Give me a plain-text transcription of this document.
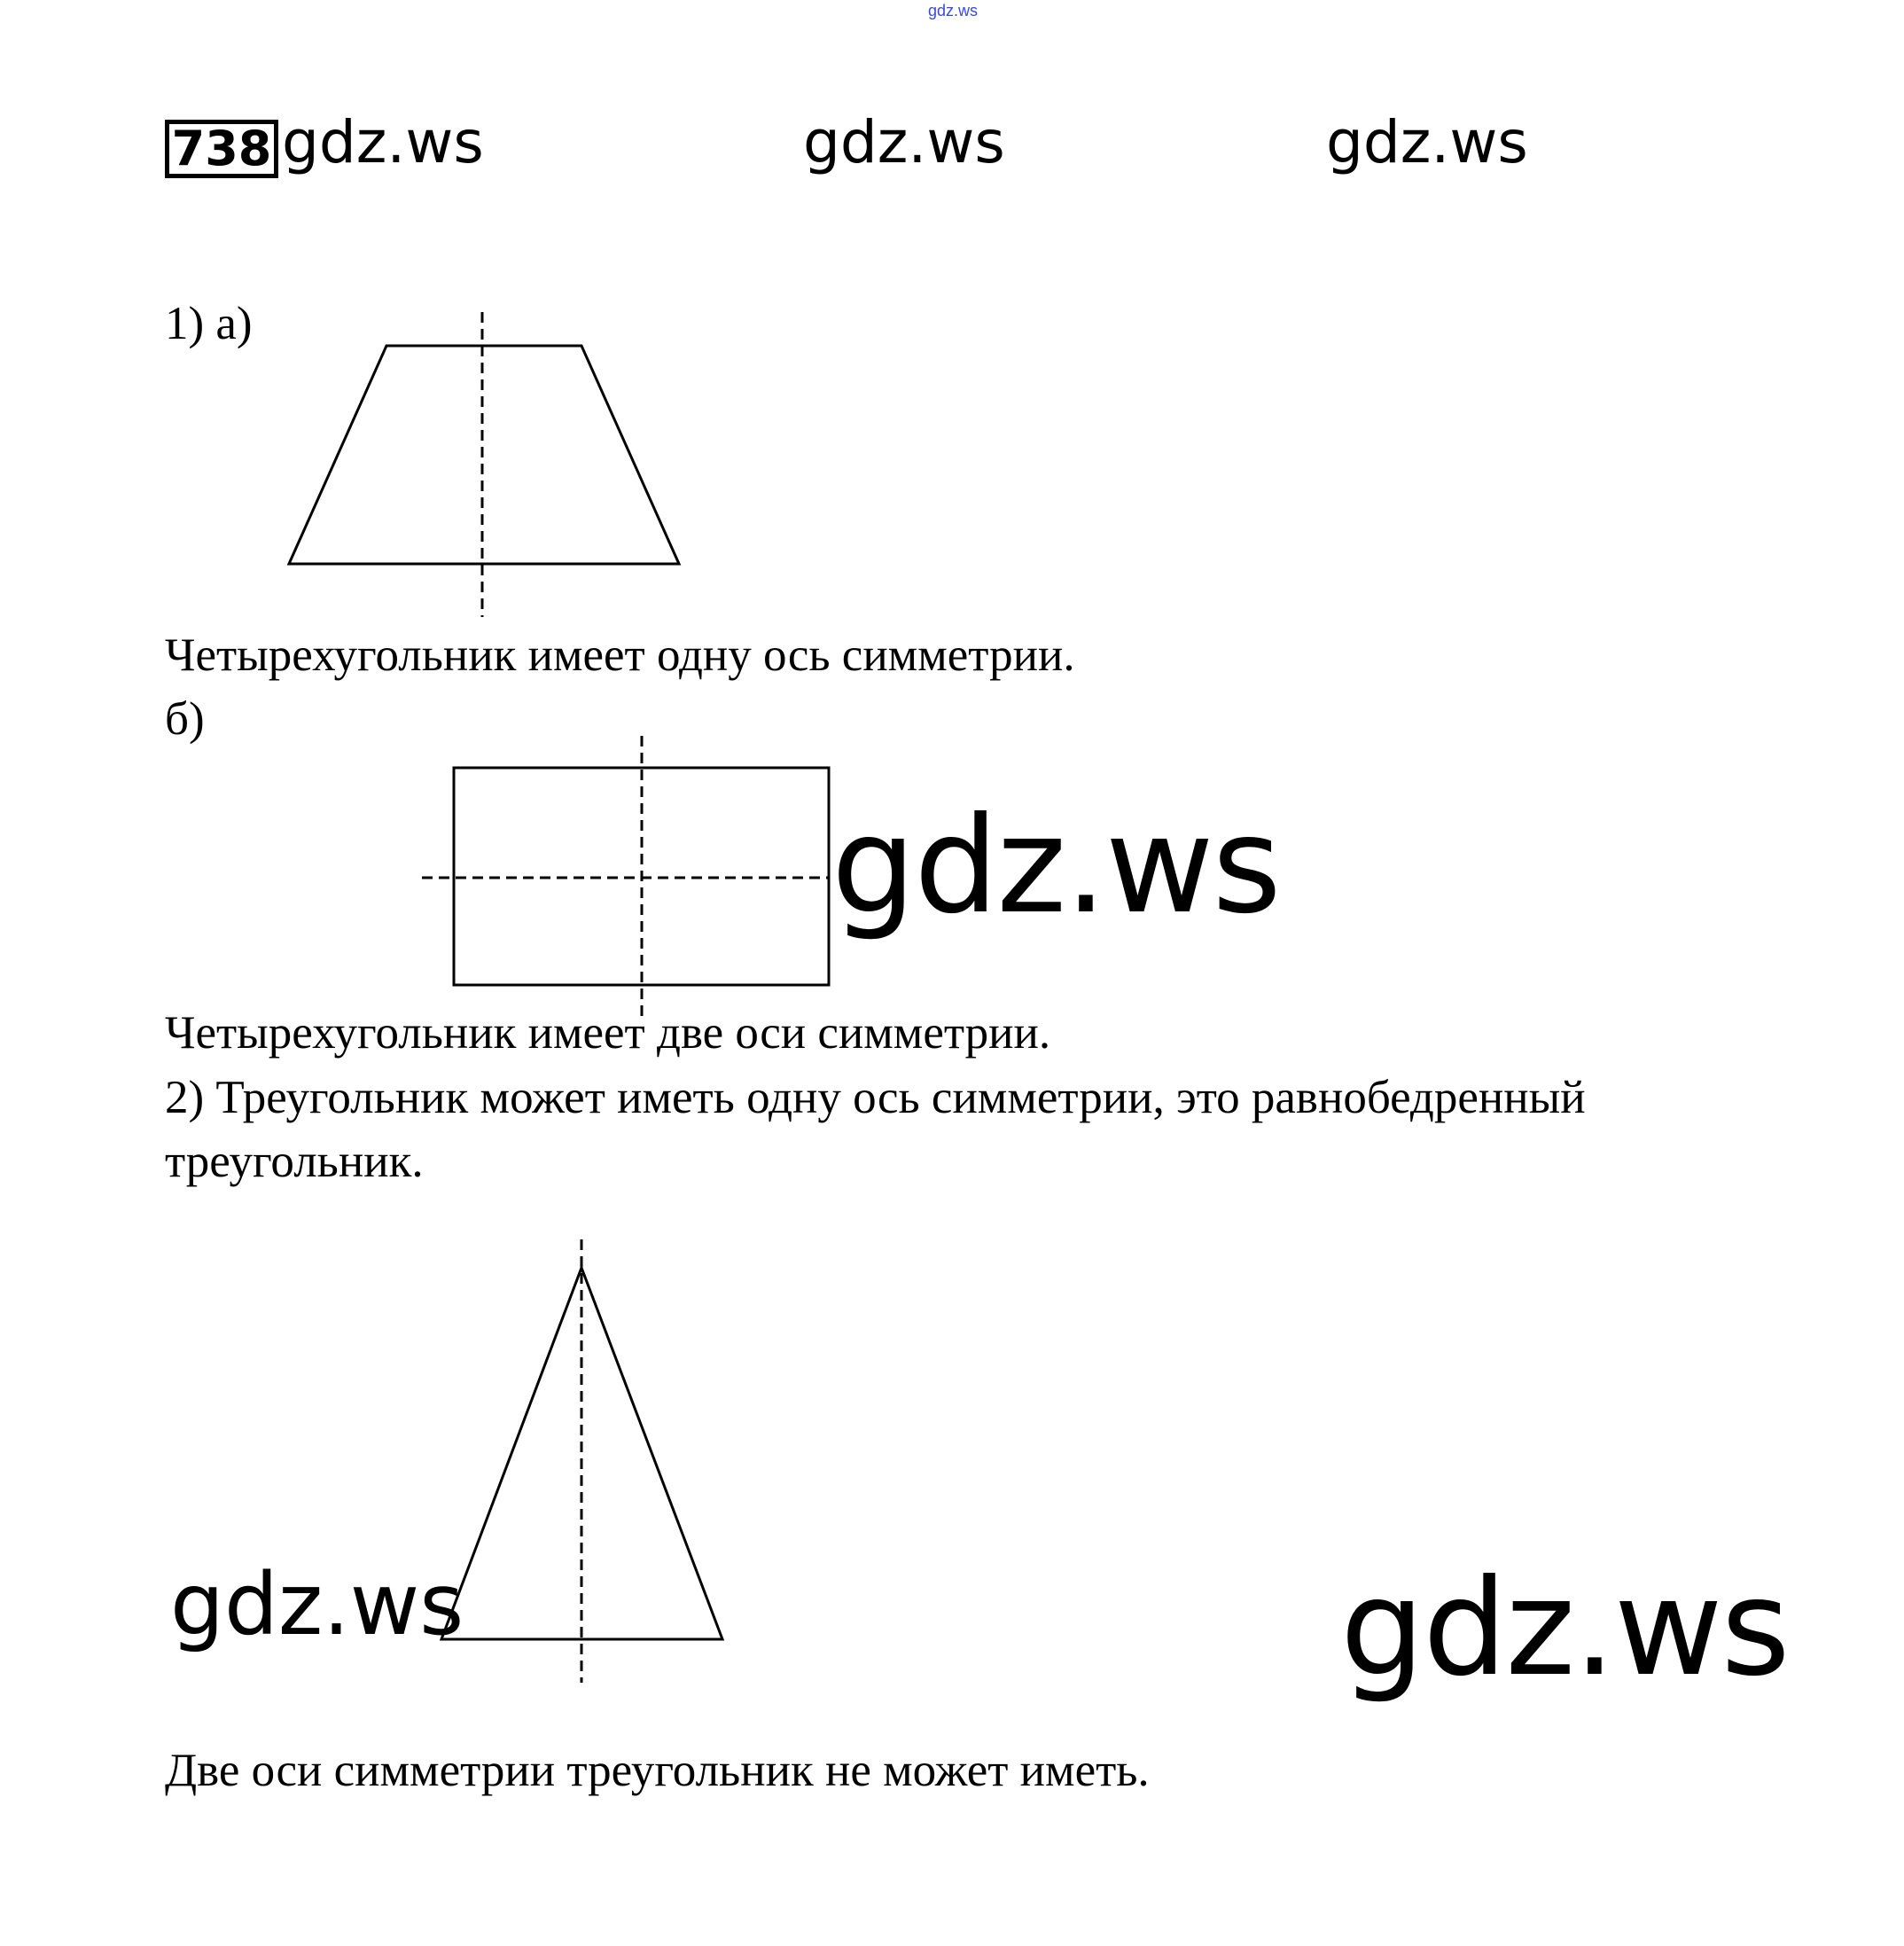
gdz.ws
738 gdz.ws	gdz.ws	gdz.ws
1) а)
Четырехугольник имеет одну ось симметрии.
б)
gdz.ws
Четырехугольник имеет две оси симметрии.
2) Треугольник может иметь одну ось симметрии, это равнобедренный треугольник.
gdz.ws	gdz.ws
Две оси симметрии треугольник не может иметь.
